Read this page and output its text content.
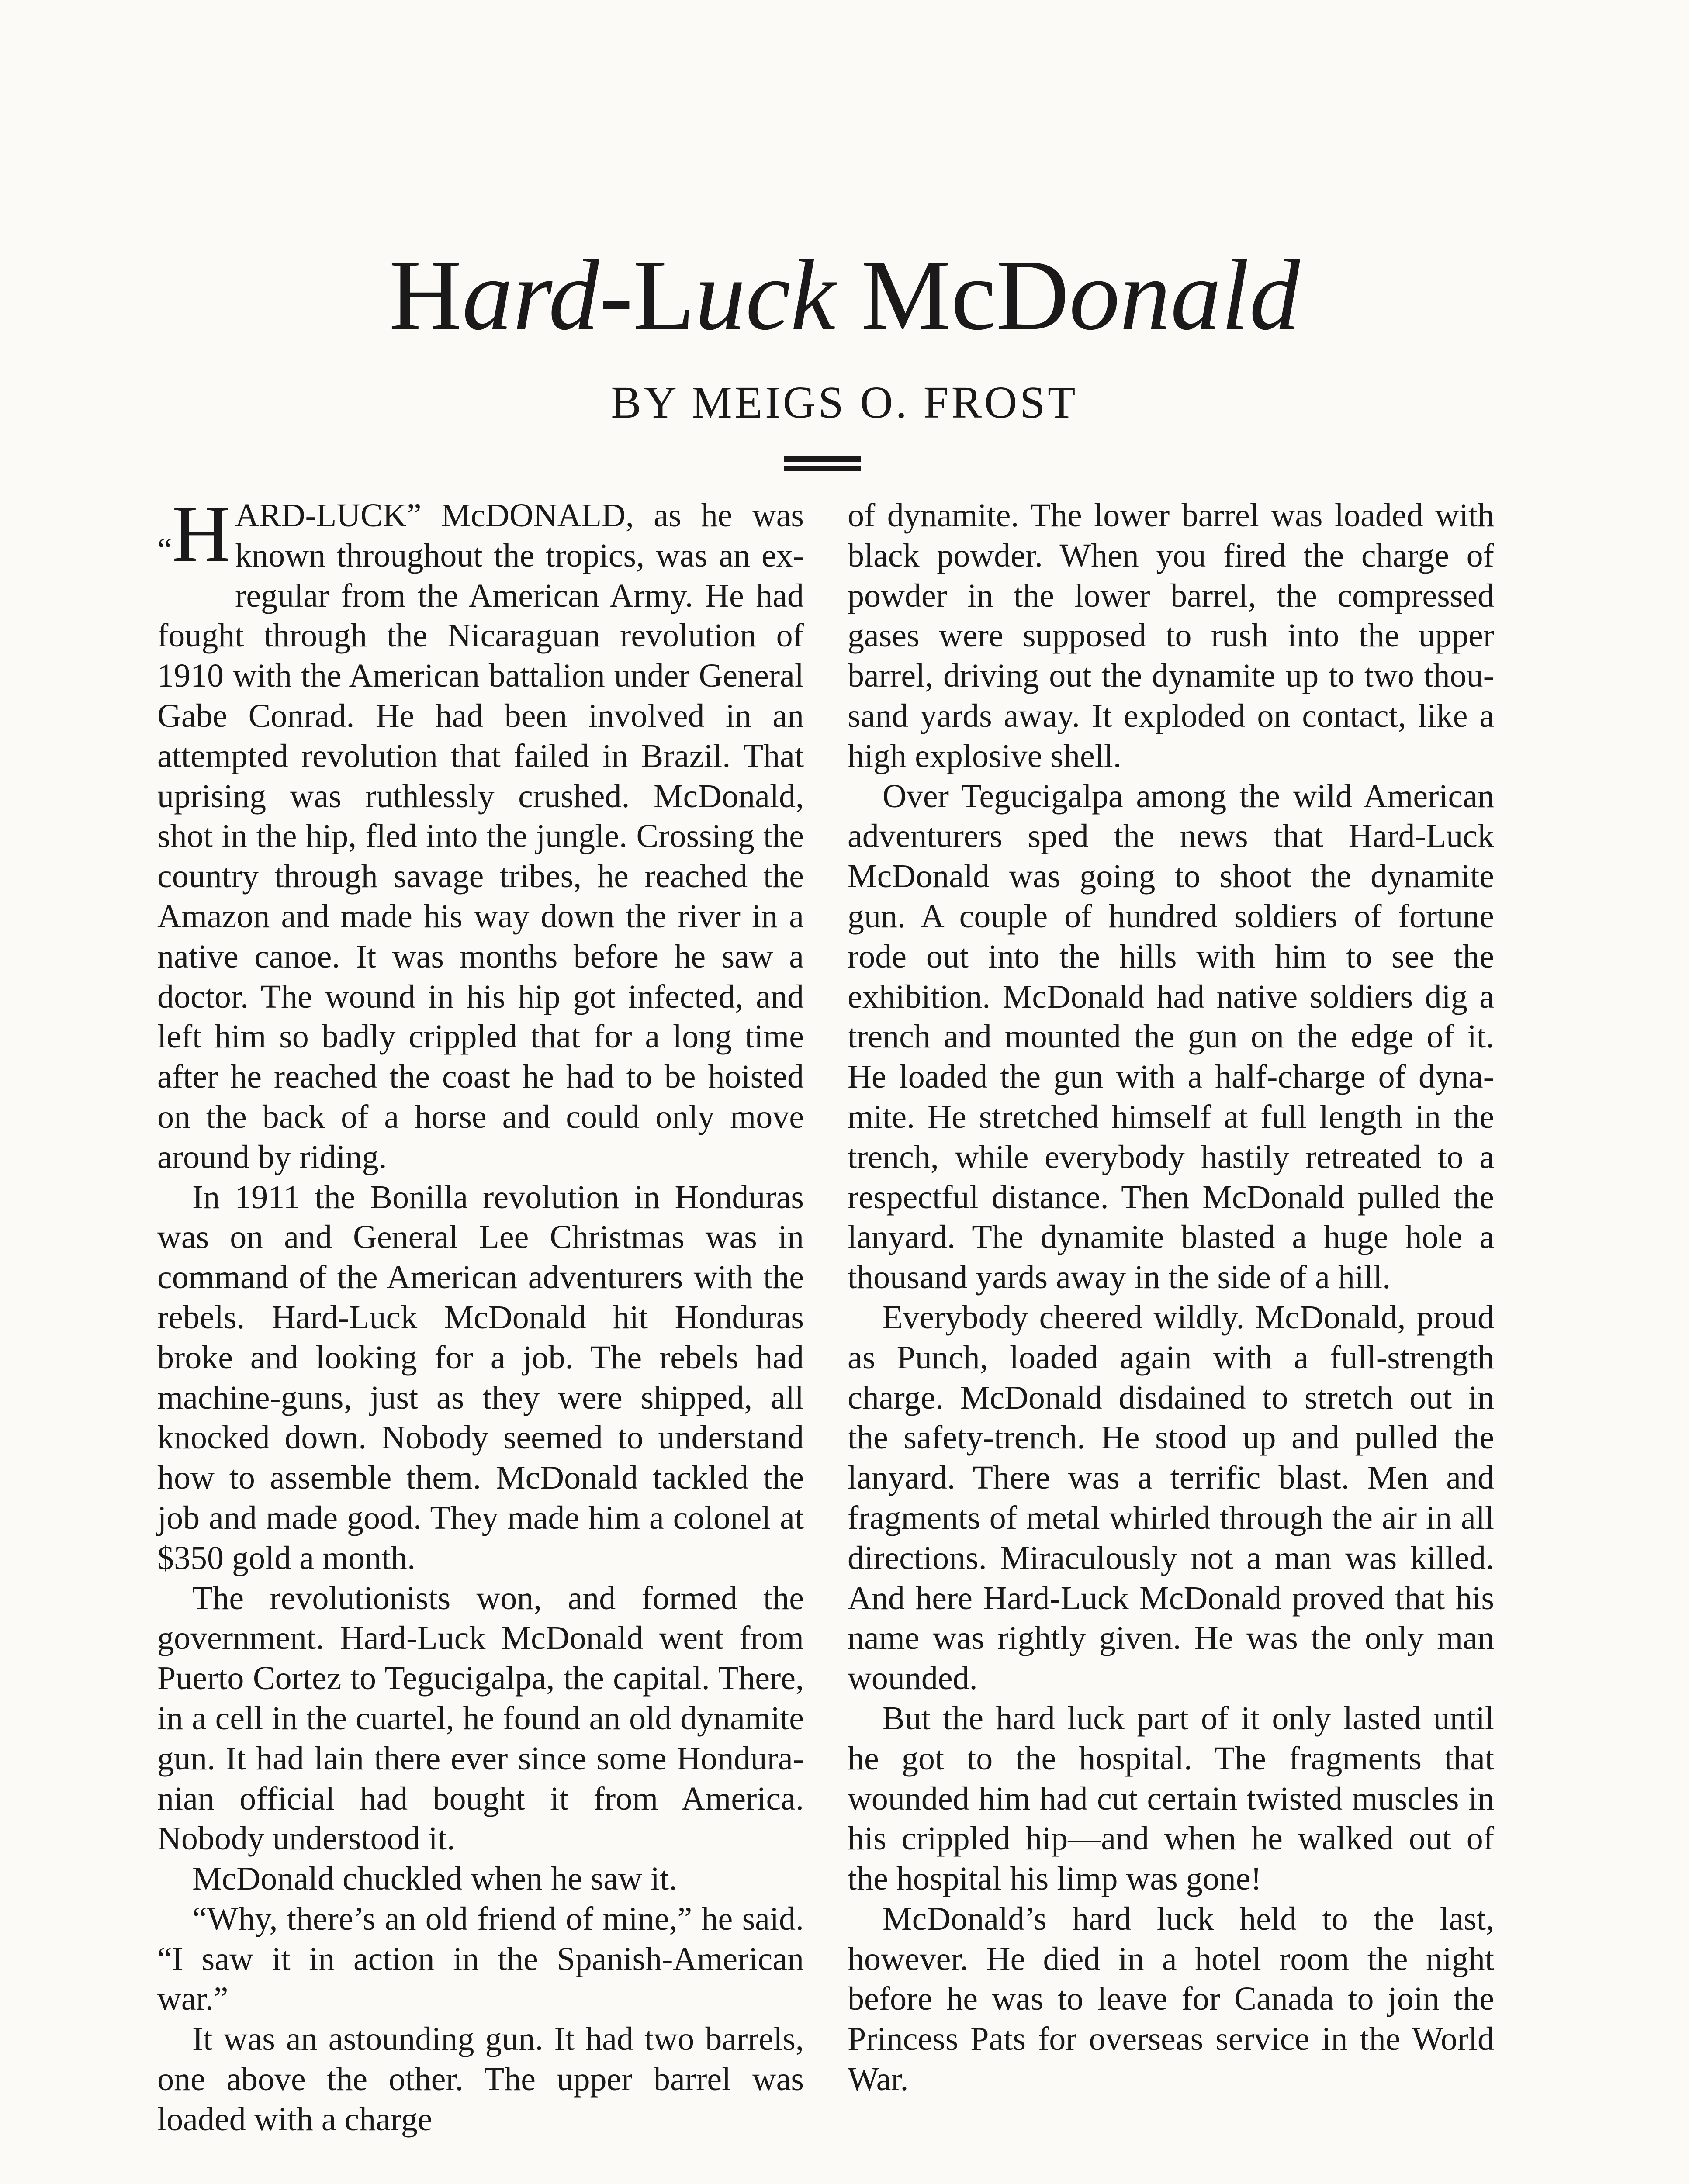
Hard-Luck McDonald
BY MEIGS O. FROST

“H ARD-LUCK” McDONALD, as he was known throughout the tropics, was an ex-regular from the American Army. He had fought through the Nicaraguan revolution of 1910 with the American battalion under General Gabe Conrad. He had been involved in an attempted revolution that failed in Brazil. That uprising was ruthlessly crushed. McDonald, shot in the hip, fled into the jungle. Crossing the country through savage tribes, he reached the Amazon and made his way down the river in a native canoe. It was months before he saw a doctor. The wound in his hip got infected, and left him so badly crippled that for a long time after he reached the coast he had to be hoisted on the back of a horse and could only move around by riding.

In 1911 the Bonilla revolution in Honduras was on and General Lee Christmas was in command of the American adventurers with the rebels. Hard-Luck McDonald hit Honduras broke and looking for a job. The rebels had machine-guns, just as they were shipped, all knocked down. Nobody seemed to understand how to assemble them. McDonald tackled the job and made good. They made him a colonel at $350 gold a month.

The revolutionists won, and formed the government. Hard-Luck McDonald went from Puerto Cortez to Tegucigalpa, the capital. There, in a cell in the cuartel, he found an old dynamite gun. It had lain there ever since some Honduranian official had bought it from America. Nobody understood it.

McDonald chuckled when he saw it.

“Why, there’s an old friend of mine,” he said. “I saw it in action in the Spanish-American war.”

It was an astounding gun. It had two barrels, one above the other. The upper barrel was loaded with a charge

of dynamite. The lower barrel was loaded with black powder. When you fired the charge of powder in the lower barrel, the compressed gases were supposed to rush into the upper barrel, driving out the dynamite up to two thousand yards away. It exploded on contact, like a high explosive shell.

Over Tegucigalpa among the wild American adventurers sped the news that Hard-Luck McDonald was going to shoot the dynamite gun. A couple of hundred soldiers of fortune rode out into the hills with him to see the exhibition. McDonald had native soldiers dig a trench and mounted the gun on the edge of it. He loaded the gun with a half-charge of dynamite. He stretched himself at full length in the trench, while everybody hastily retreated to a respectful distance. Then McDonald pulled the lanyard. The dynamite blasted a huge hole a thousand yards away in the side of a hill.

Everybody cheered wildly. McDonald, proud as Punch, loaded again with a full-strength charge. McDonald disdained to stretch out in the safety-trench. He stood up and pulled the lanyard. There was a terrific blast. Men and fragments of metal whirled through the air in all directions. Miraculously not a man was killed. And here Hard-Luck McDonald proved that his name was rightly given. He was the only man wounded.

But the hard luck part of it only lasted until he got to the hospital. The fragments that wounded him had cut certain twisted muscles in his crippled hip—and when he walked out of the hospital his limp was gone!

McDonald’s hard luck held to the last, however. He died in a hotel room the night before he was to leave for Canada to join the Princess Pats for overseas service in the World War.
